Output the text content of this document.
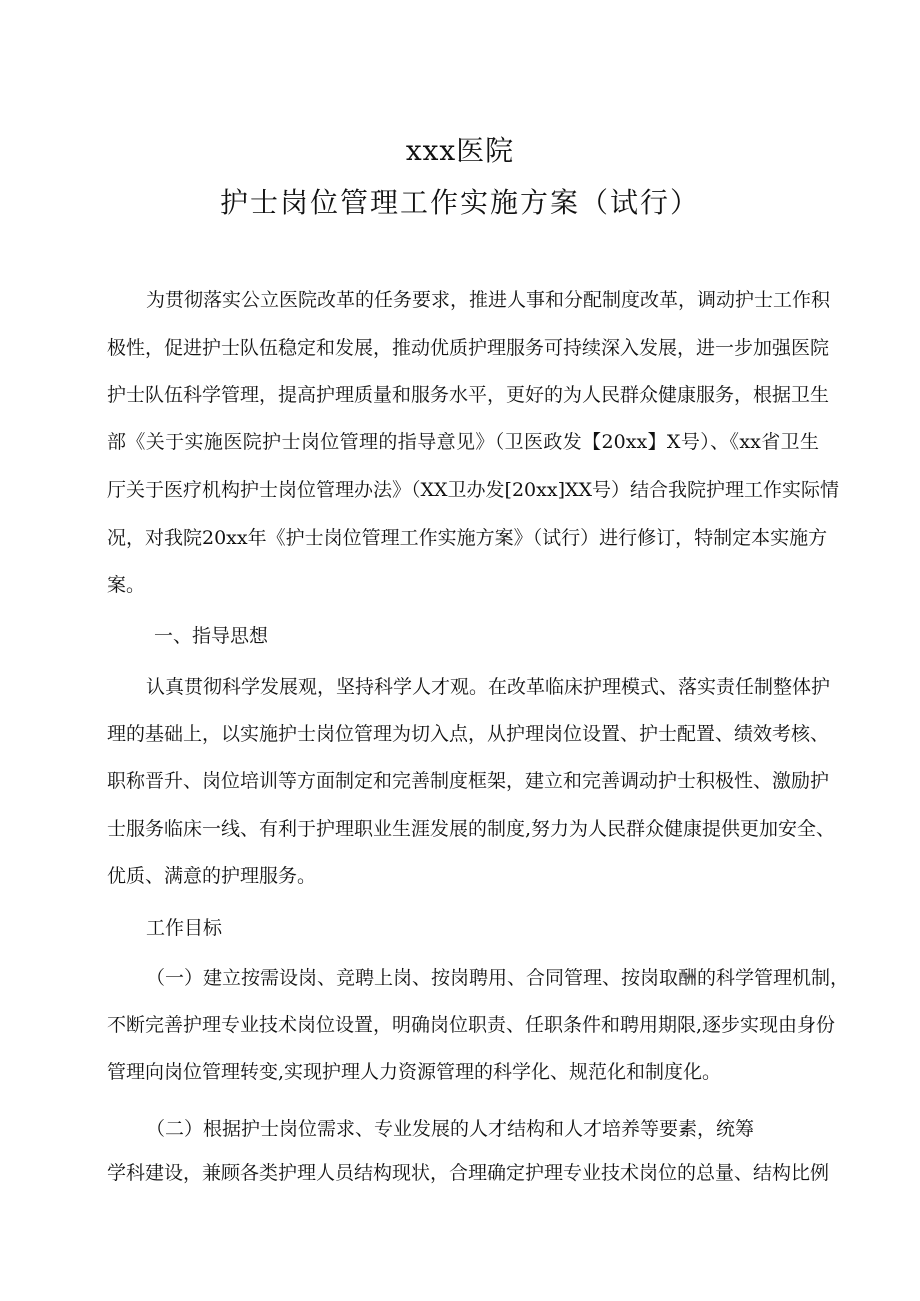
xxx医院
护士岗位管理工作实施方案（试行）
为贯彻落实公立医院改革的任务要求，推进人事和分配制度改革，调动护士工作积
极性，促进护士队伍稳定和发展，推动优质护理服务可持续深入发展，进一步加强医院
护士队伍科学管理，提高护理质量和服务水平，更好的为人民群众健康服务，根据卫生
部《关于实施医院护士岗位管理的指导意见》（卫医政发【20xx】X号）、《xx省卫生
厅关于医疗机构护士岗位管理办法》（XX卫办发[20xx]XX号）结合我院护理工作实际情
况，对我院20xx年《护士岗位管理工作实施方案》（试行）进行修订，特制定本实施方
案。
一、指导思想
认真贯彻科学发展观，坚持科学人才观。在改革临床护理模式、落实责任制整体护
理的基础上，以实施护士岗位管理为切入点，从护理岗位设置、护士配置、绩效考核、
职称晋升、岗位培训等方面制定和完善制度框架，建立和完善调动护士积极性、激励护
士服务临床一线、有利于护理职业生涯发展的制度,努力为人民群众健康提供更加安全、
优质、满意的护理服务。
工作目标
（一）建立按需设岗、竞聘上岗、按岗聘用、合同管理、按岗取酬的科学管理机制，
不断完善护理专业技术岗位设置，明确岗位职责、任职条件和聘用期限,逐步实现由身份
管理向岗位管理转变,实现护理人力资源管理的科学化、规范化和制度化。
（二）根据护士岗位需求、专业发展的人才结构和人才培养等要素，统筹
学科建设，兼顾各类护理人员结构现状，合理确定护理专业技术岗位的总量、结构比例
